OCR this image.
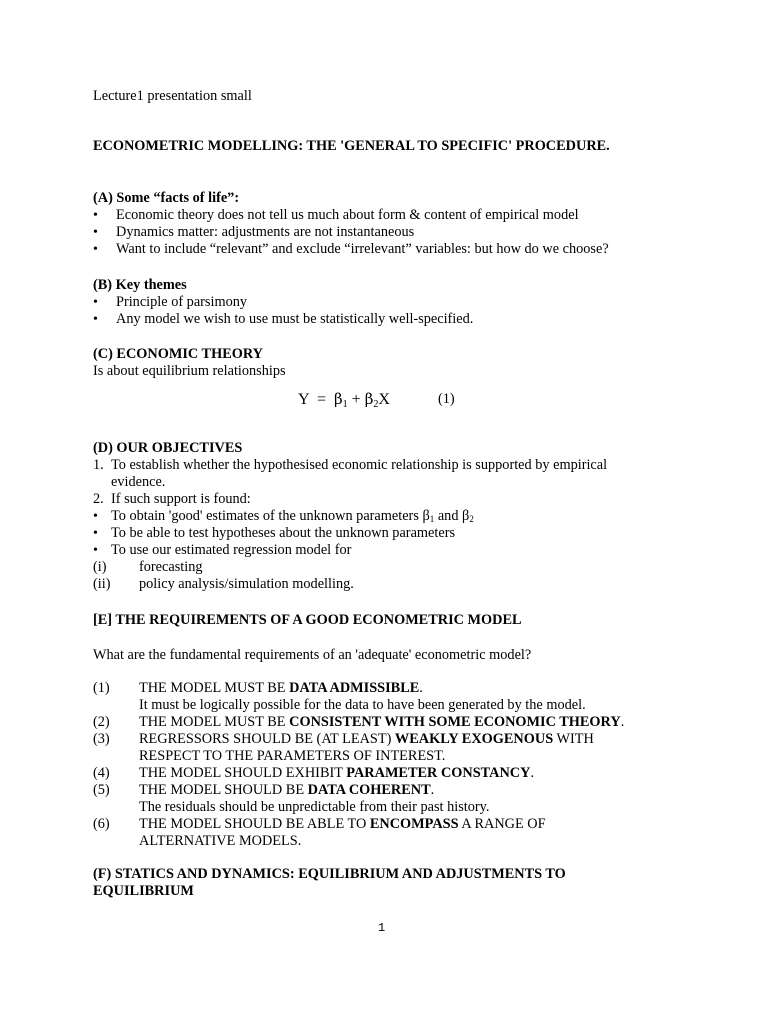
Lecture1 presentation small
ECONOMETRIC MODELLING: THE 'GENERAL TO SPECIFIC' PROCEDURE.
(A) Some “facts of life”:
• Economic theory does not tell us much about form & content of empirical model
• Dynamics matter: adjustments are not instantaneous
• Want to include “relevant” and exclude “irrelevant” variables: but how do we choose?
(B) Key themes
• Principle of parsimony
• Any model we wish to use must be statistically well-specified.
(C) ECONOMIC THEORY
Is about equilibrium relationships
$Y = \beta_1 + \beta_2X$	(1)
(D) OUR OBJECTIVES
1. To establish whether the hypothesised economic relationship is supported by empirical
evidence.
2. If such support is found:
• To obtain 'good' estimates of the unknown parameters $\beta_1$ and $\beta_2$
• To be able to test hypotheses about the unknown parameters
• To use our estimated regression model for
(i) forecasting
(ii) policy analysis/simulation modelling.
[E] THE REQUIREMENTS OF A GOOD ECONOMETRIC MODEL
What are the fundamental requirements of an 'adequate' econometric model?
(1) THE MODEL MUST BE DATA ADMISSIBLE.
It must be logically possible for the data to have been generated by the model.
(2) THE MODEL MUST BE CONSISTENT WITH SOME ECONOMIC THEORY.
(3) REGRESSORS SHOULD BE (AT LEAST) WEAKLY EXOGENOUS WITH
RESPECT TO THE PARAMETERS OF INTEREST.
(4) THE MODEL SHOULD EXHIBIT PARAMETER CONSTANCY.
(5) THE MODEL SHOULD BE DATA COHERENT.
The residuals should be unpredictable from their past history.
(6) THE MODEL SHOULD BE ABLE TO ENCOMPASS A RANGE OF
ALTERNATIVE MODELS.
(F) STATICS AND DYNAMICS: EQUILIBRIUM AND ADJUSTMENTS TO
EQUILIBRIUM
1
